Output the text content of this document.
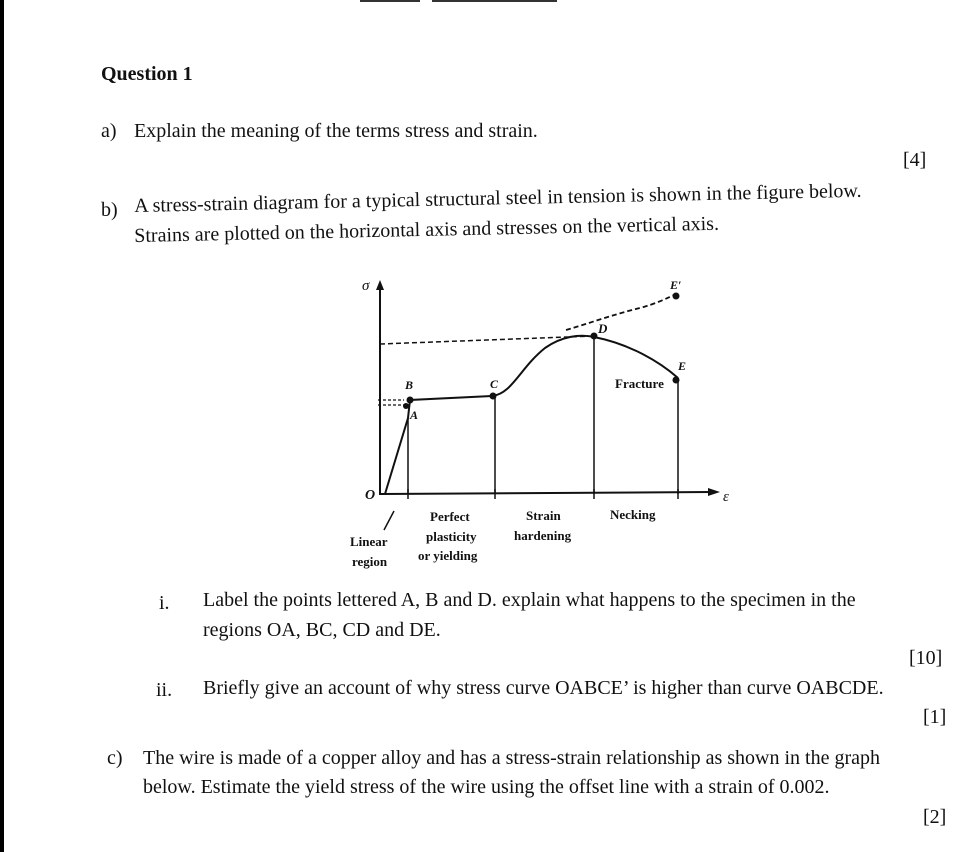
Question 1
a) Explain the meaning of the terms stress and strain.
[4]
b) A stress-strain diagram for a typical structural steel in tension is shown in the figure below.
Strains are plotted on the horizontal axis and stresses on the vertical axis.
σ
ε
O
A
B	C
D
E
E′
Fracture
Linear
region
Perfect
plasticity
or yielding
Strain
hardening
Necking
i. Label the points lettered A, B and D. explain what happens to the specimen in the
regions OA, BC, CD and DE.
[10]
ii. Briefly give an account of why stress curve OABCE’ is higher than curve OABCDE.
[1]
c) The wire is made of a copper alloy and has a stress-strain relationship as shown in the graph
below. Estimate the yield stress of the wire using the offset line with a strain of 0.002.
[2]
